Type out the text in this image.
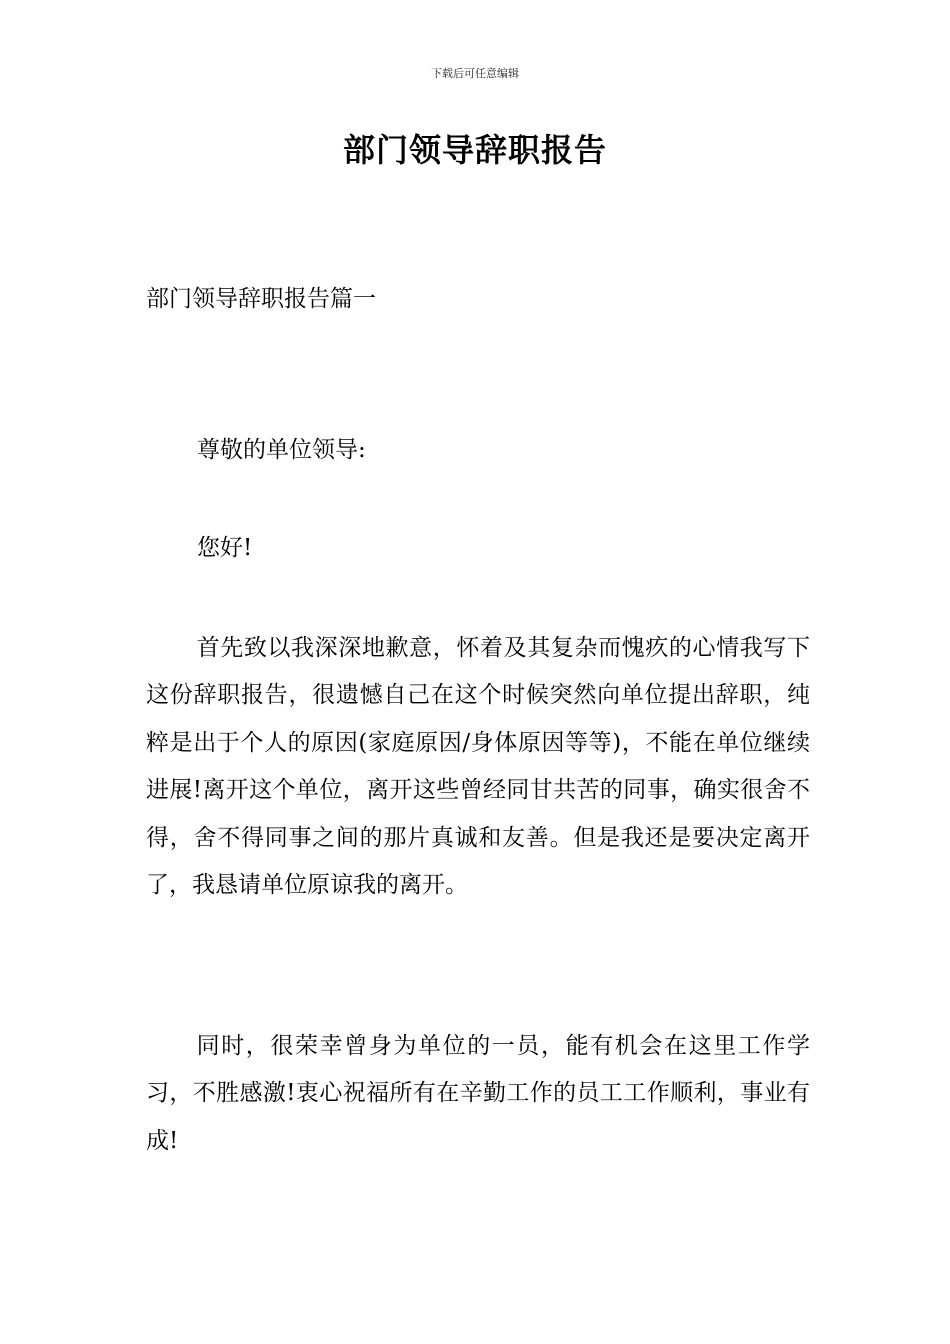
下载后可任意编辑
部门领导辞职报告
部门领导辞职报告篇一
尊敬的单位领导:
您好!

首先致以我深深地歉意，怀着及其复杂而愧疚的心情我写下这份辞职报告，很遗憾自己在这个时候突然向单位提出辞职，纯粹是出于个人的原因(家庭原因/身体原因等等)，不能在单位继续进展!离开这个单位，离开这些曾经同甘共苦的同事，确实很舍不得，舍不得同事之间的那片真诚和友善。但是我还是要决定离开了，我恳请单位原谅我的离开。

同时，很荣幸曾身为单位的一员，能有机会在这里工作学习，不胜感激!衷心祝福所有在辛勤工作的员工工作顺利，事业有成!
